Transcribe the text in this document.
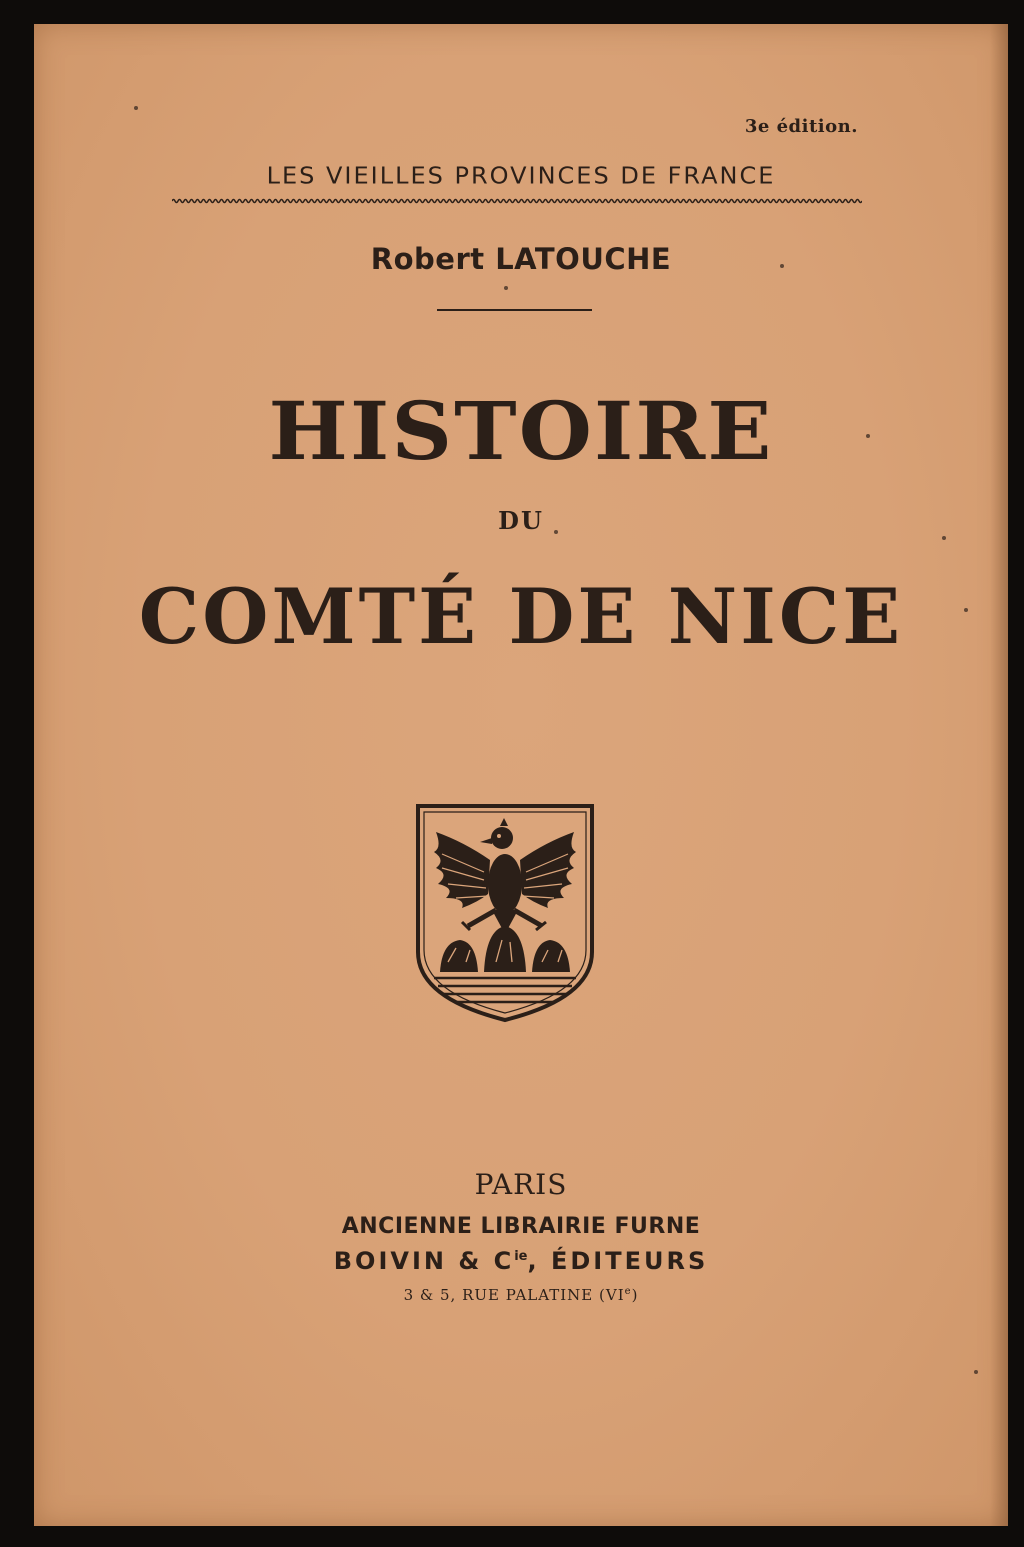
3e édition.
LES VIEILLES PROVINCES DE FRANCE
Robert LATOUCHE
HISTOIRE
DU
COMTÉ DE NICE
PARIS
ANCIENNE LIBRAIRIE FURNE
BOIVIN & $C^{ie}$, ÉDITEURS
3 & 5, RUE PALATINE (VIe)
